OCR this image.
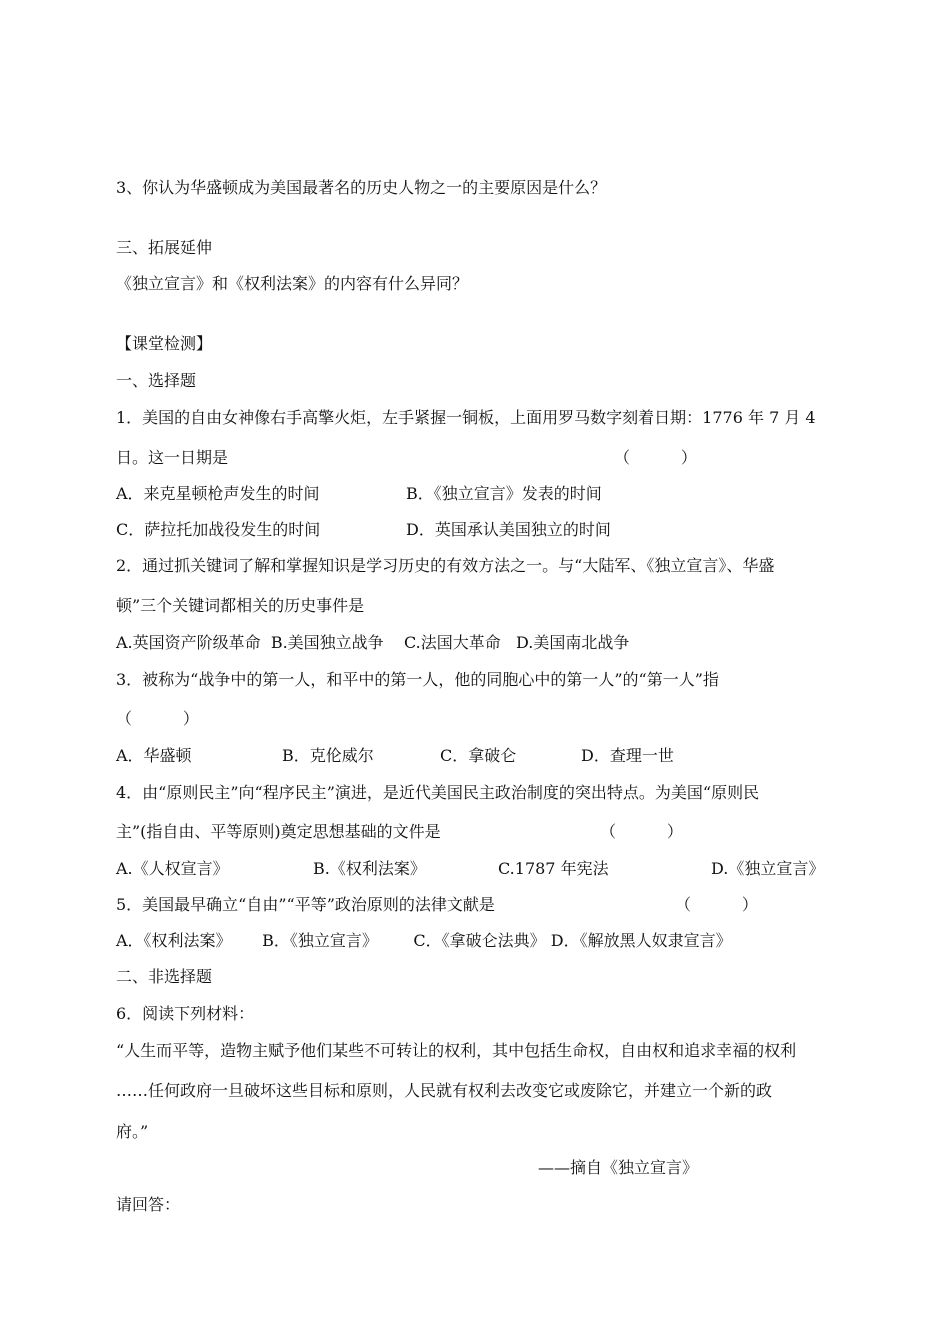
3、你认为华盛顿成为美国最著名的历史人物之一的主要原因是什么？
三、拓展延伸
《独立宣言》和《权利法案》的内容有什么异同？
【课堂检测】
一、选择题
1．美国的自由女神像右手高擎火炬，左手紧握一铜板，上面用罗马数字刻着日期：1776 年 7 月 4
日。这一日期是	（          ）
A．来克星顿枪声发生的时间	B．《独立宣言》发表的时间
C．萨拉托加战役发生的时间	D．英国承认美国独立的时间
2．通过抓关键词了解和掌握知识是学习历史的有效方法之一。与“大陆军、《独立宣言》、华盛
顿”三个关键词都相关的历史事件是
A.英国资产阶级革命  B.美国独立战争    C.法国大革命   D.美国南北战争
3．被称为“战争中的第一人，和平中的第一人，他的同胞心中的第一人”的“第一人”指
（          ）
A．华盛顿	B．克伦威尔	C．拿破仑	D．查理一世
4．由“原则民主”向“程序民主”演进，是近代美国民主政治制度的突出特点。为美国“原则民
主”(指自由、平等原则)奠定思想基础的文件是	（          ）
A.《人权宣言》	B.《权利法案》	C.1787 年宪法	D.《独立宣言》
5．美国最早确立“自由”“平等”政治原则的法律文献是	（          ）
A．《权利法案》      B．《独立宣言》       C．《拿破仑法典》 D．《解放黑人奴隶宣言》
二、非选择题
6．阅读下列材料：
“人生而平等，造物主赋予他们某些不可转让的权利，其中包括生命权，自由权和追求幸福的权利
……任何政府一旦破坏这些目标和原则，人民就有权利去改变它或废除它，并建立一个新的政
府。”
——摘自《独立宣言》
请回答：
